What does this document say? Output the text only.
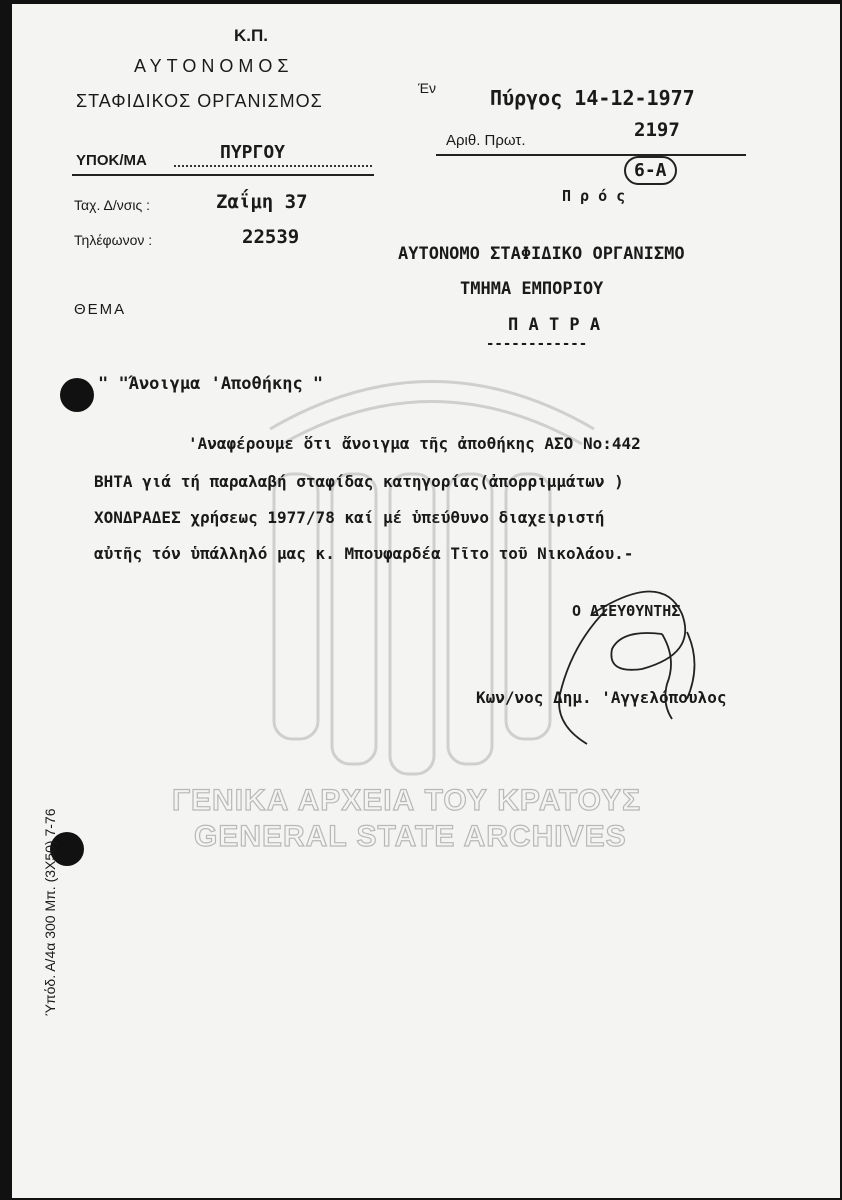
Κ.Π.
ΑΥΤΟΝΟΜΟΣ
ΣΤΑΦΙΔΙΚΟΣ ΟΡΓΑΝΙΣΜΟΣ
ΥΠΟΚ/ΜΑ	ΠΥΡΓΟΥ
Ταχ. Δ/νσις :	Ζαΐμη 37
Τηλέφωνον :	22539
ΘΕΜΑ
Έν	Πύργος 14-12-1977
Αριθ. Πρωτ.	2197
6-Α
Π ρ ό ς
ΑΥΤΟΝΟΜΟ ΣΤΑΦΙΔΙΚΟ ΟΡΓΑΝΙΣΜΟ
ΤΜΗΜΑ ΕΜΠΟΡΙΟΥ
Π Α Τ Ρ Α
------------
" "Άνοιγμα 'Αποθήκης "
'Αναφέρουμε ὅτι ἄνοιγμα τῆς ἀποθήκης ΑΣΟ Νο:442
ΒΗΤΑ γιά τή παραλαβή σταφίδας κατηγορίας(ἀπορριμμάτων )
ΧΟΝΔΡΑΔΕΣ χρήσεως 1977/78 καί μέ ὑπεύθυνο διαχειριστή
αὐτῆς τόν ὑπάλληλό μας κ. Μπουφαρδέα Τῖτο τοῦ Νικολάου.-
Ο ΔΙΕΥΘΥΝΤΗΣ
Κων/νος Δημ. 'Αγγελόπουλος
ΓΕΝΙΚΑ ΑΡΧΕΙΑ ΤΟΥ ΚΡΑΤΟΥΣ
GENERAL STATE ARCHIVES
Ύπόδ. Α/4α 300 Μπ. (3Χ50) 7-76
